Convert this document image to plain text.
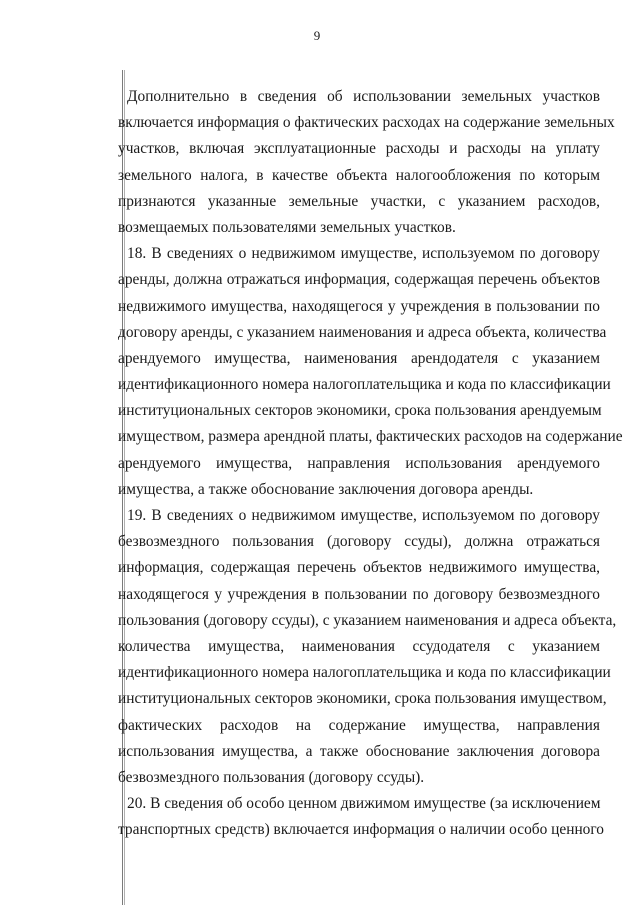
9
Дополнительно в сведения об использовании земельных участков
включается информация о фактических расходах на содержание земельных
участков, включая эксплуатационные расходы и расходы на уплату
земельного налога, в качестве объекта налогообложения по которым
признаются указанные земельные участки, с указанием расходов,
возмещаемых пользователями земельных участков.
18. В сведениях о недвижимом имуществе, используемом по договору
аренды, должна отражаться информация, содержащая перечень объектов
недвижимого имущества, находящегося у учреждения в пользовании по
договору аренды, с указанием наименования и адреса объекта, количества
арендуемого имущества, наименования арендодателя с указанием
идентификационного номера налогоплательщика и кода по классификации
институциональных секторов экономики, срока пользования арендуемым
имуществом, размера арендной платы, фактических расходов на содержание
арендуемого имущества, направления использования арендуемого
имущества, а также обоснование заключения договора аренды.
19. В сведениях о недвижимом имуществе, используемом по договору
безвозмездного пользования (договору ссуды), должна отражаться
информация, содержащая перечень объектов недвижимого имущества,
находящегося у учреждения в пользовании по договору безвозмездного
пользования (договору ссуды), с указанием наименования и адреса объекта,
количества имущества, наименования ссудодателя с указанием
идентификационного номера налогоплательщика и кода по классификации
институциональных секторов экономики, срока пользования имуществом,
фактических расходов на содержание имущества, направления
использования имущества, а также обоснование заключения договора
безвозмездного пользования (договору ссуды).
20. В сведения об особо ценном движимом имуществе (за исключением
транспортных средств) включается информация о наличии особо ценного
